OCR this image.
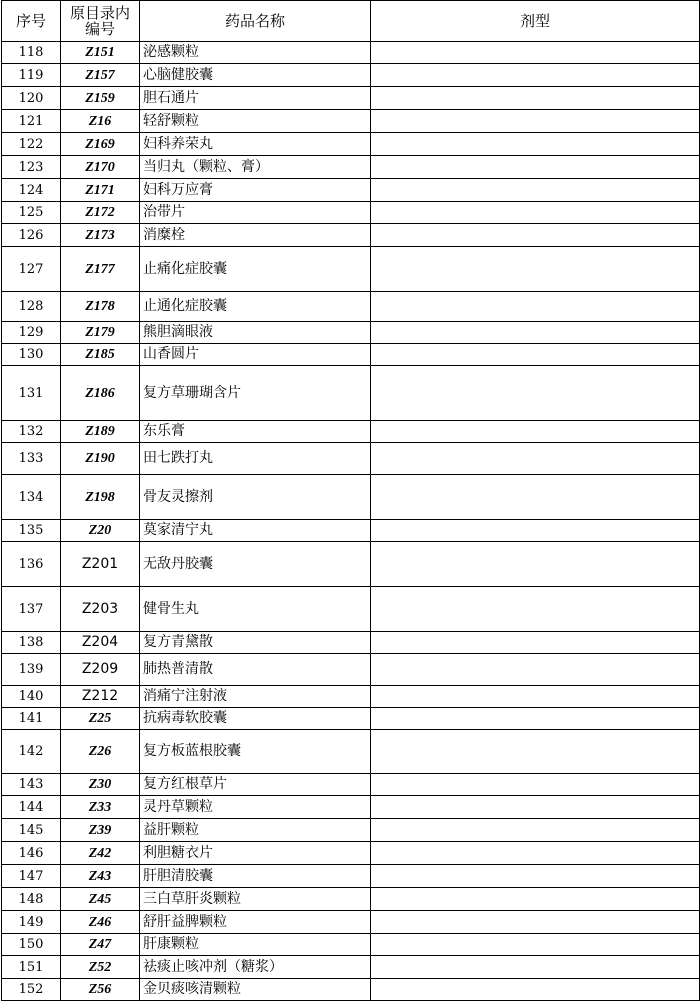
序号	原目录内编号	药品名称	剂型
118	Z151	泌感颗粒	
119	Z157	心脑健胶囊	
120	Z159	胆石通片	
121	Z16	轻舒颗粒	
122	Z169	妇科养荣丸	
123	Z170	当归丸（颗粒、膏）	
124	Z171	妇科万应膏	
125	Z172	治带片	
126	Z173	消糜栓	
127	Z177	止痛化症胶囊	
128	Z178	止通化症胶囊	
129	Z179	熊胆滴眼液	
130	Z185	山香圆片	
131	Z186	复方草珊瑚含片	
132	Z189	东乐膏	
133	Z190	田七跌打丸	
134	Z198	骨友灵擦剂	
135	Z20	莫家清宁丸	
136	Z201	无敌丹胶囊	
137	Z203	健骨生丸	
138	Z204	复方青黛散	
139	Z209	肺热普清散	
140	Z212	消痛宁注射液	
141	Z25	抗病毒软胶囊	
142	Z26	复方板蓝根胶囊	
143	Z30	复方红根草片	
144	Z33	灵丹草颗粒	
145	Z39	益肝颗粒	
146	Z42	利胆糖衣片	
147	Z43	肝胆清胶囊	
148	Z45	三白草肝炎颗粒	
149	Z46	舒肝益脾颗粒	
150	Z47	肝康颗粒	
151	Z52	祛痰止咳冲剂（糖浆）	
152	Z56	金贝痰咳清颗粒	
